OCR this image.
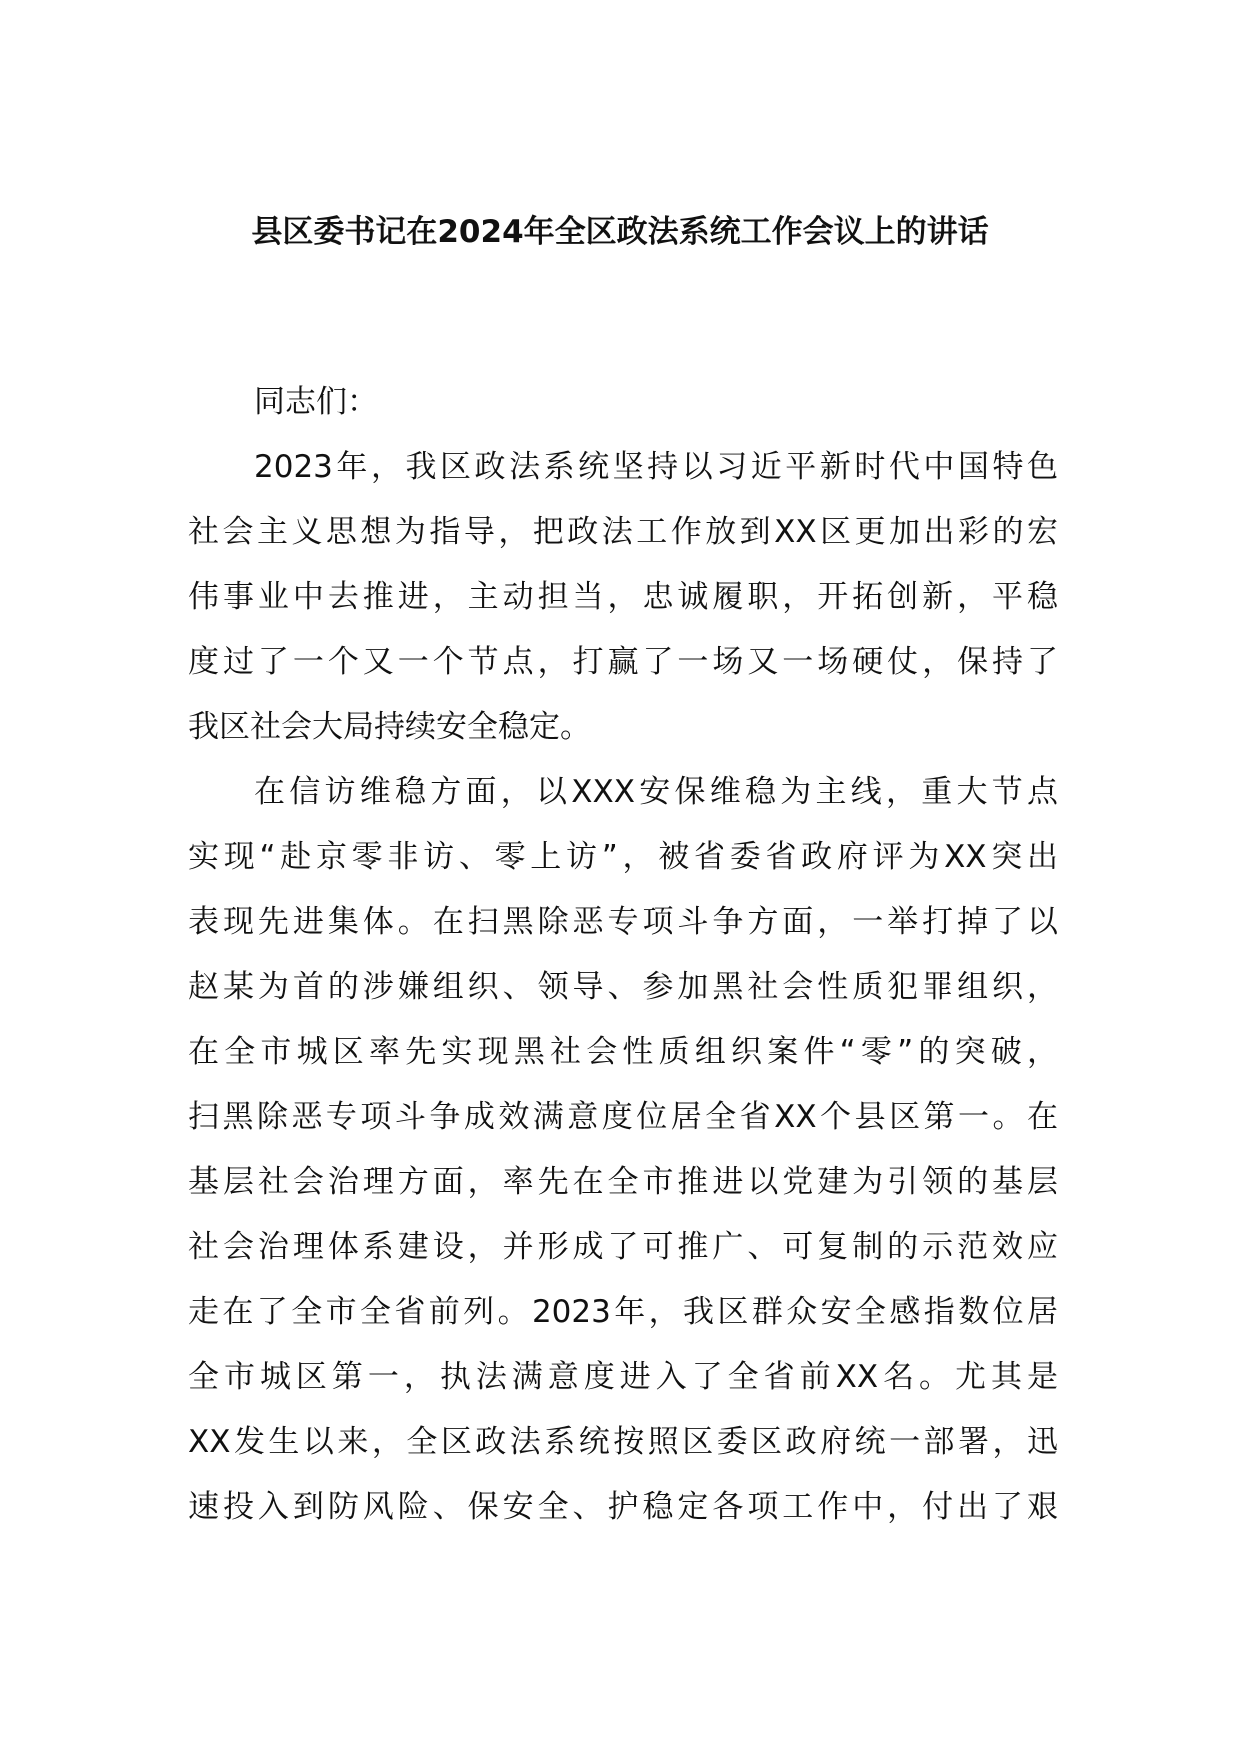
县区委书记在2024年全区政法系统工作会议上的讲话
同志们：
2023年，我区政法系统坚持以习近平新时代中国特色
社会主义思想为指导，把政法工作放到XX区更加出彩的宏
伟事业中去推进，主动担当，忠诚履职，开拓创新，平稳
度过了一个又一个节点，打赢了一场又一场硬仗，保持了
我区社会大局持续安全稳定。
在信访维稳方面，以XXX安保维稳为主线，重大节点
实现“赴京零非访、零上访”，被省委省政府评为XX突出
表现先进集体。在扫黑除恶专项斗争方面，一举打掉了以
赵某为首的涉嫌组织、领导、参加黑社会性质犯罪组织，
在全市城区率先实现黑社会性质组织案件“零”的突破，
扫黑除恶专项斗争成效满意度位居全省XX个县区第一。在
基层社会治理方面，率先在全市推进以党建为引领的基层
社会治理体系建设，并形成了可推广、可复制的示范效应
走在了全市全省前列。2023年，我区群众安全感指数位居
全市城区第一，执法满意度进入了全省前XX名。尤其是
XX发生以来，全区政法系统按照区委区政府统一部署，迅
速投入到防风险、保安全、护稳定各项工作中，付出了艰
